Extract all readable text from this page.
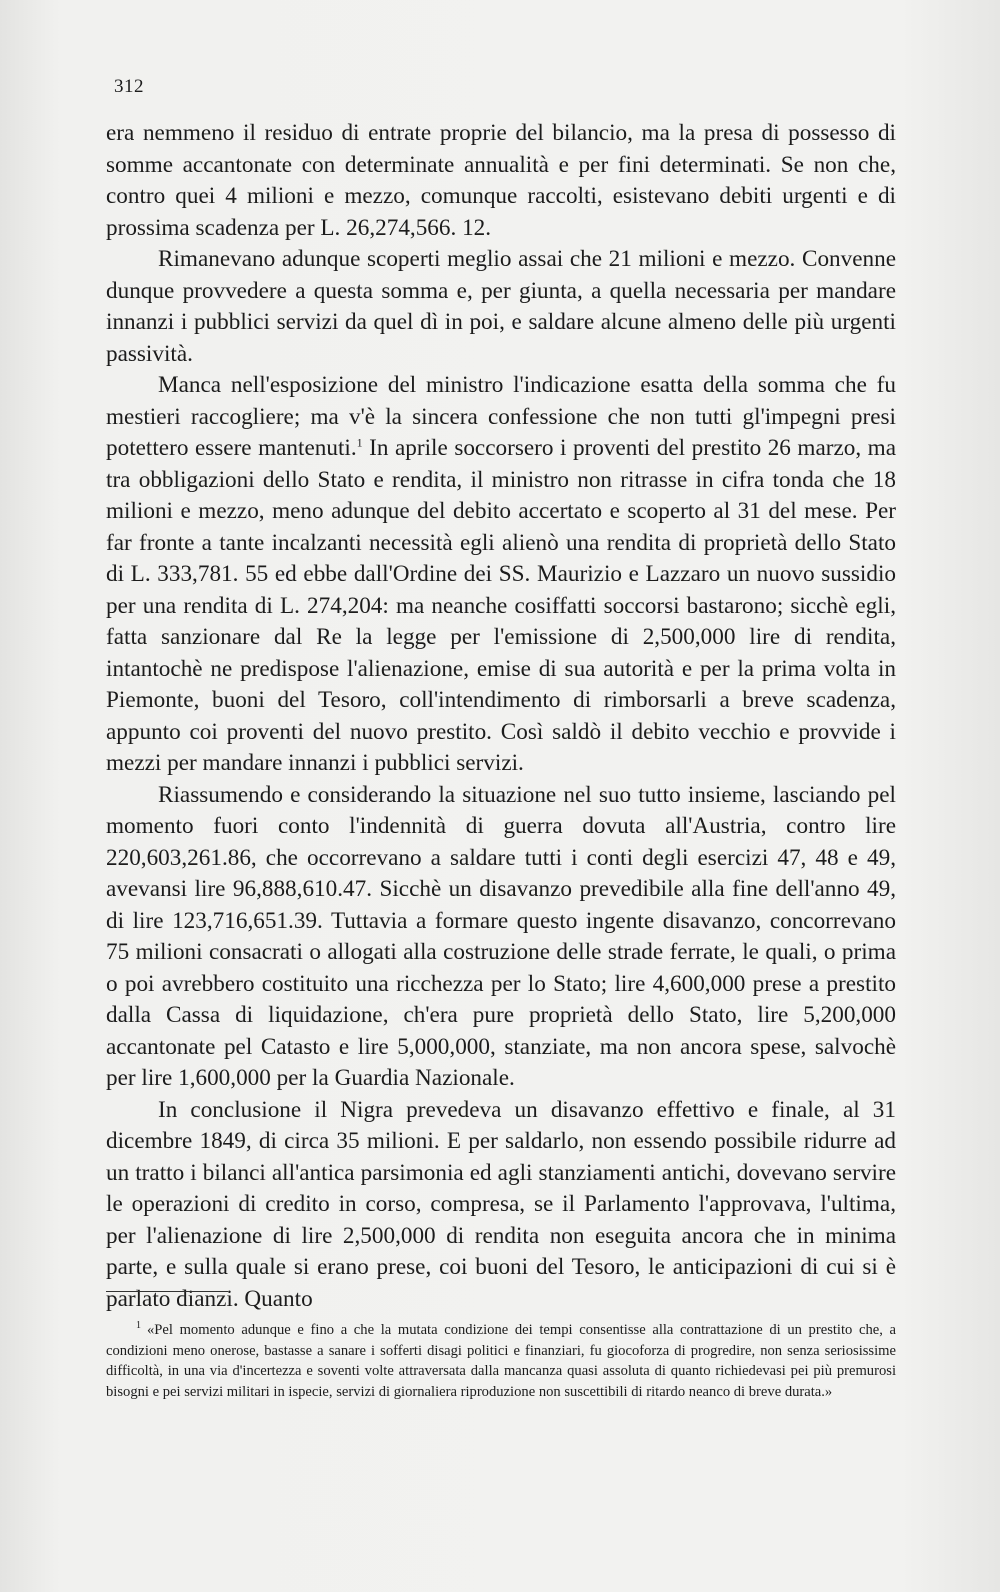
312

era nemmeno il residuo di entrate proprie del bilancio, ma la presa di possesso di somme accantonate con determinate annualità e per fini determinati. Se non che, contro quei 4 milioni e mezzo, comunque raccolti, esistevano debiti urgenti e di prossima scadenza per L. 26,274,566. 12.

Rimanevano adunque scoperti meglio assai che 21 milioni e mezzo. Convenne dunque provvedere a questa somma e, per giunta, a quella necessaria per mandare innanzi i pubblici servizi da quel dì in poi, e saldare alcune almeno delle più urgenti passività.

Manca nell'esposizione del ministro l'indicazione esatta della somma che fu mestieri raccogliere; ma v'è la sincera confessione che non tutti gl'impegni presi potettero essere mantenuti.$^1$ In aprile soccorsero i proventi del prestito 26 marzo, ma tra obbligazioni dello Stato e rendita, il ministro non ritrasse in cifra tonda che 18 milioni e mezzo, meno adunque del debito accertato e scoperto al 31 del mese. Per far fronte a tante incalzanti necessità egli alienò una rendita di proprietà dello Stato di L. 333,781. 55 ed ebbe dall'Ordine dei SS. Maurizio e Lazzaro un nuovo sussidio per una rendita di L. 274,204: ma neanche cosiffatti soccorsi bastarono; sicchè egli, fatta sanzionare dal Re la legge per l'emissione di 2,500,000 lire di rendita, intantochè ne predispose l'alienazione, emise di sua autorità e per la prima volta in Piemonte, buoni del Tesoro, coll'intendimento di rimborsarli a breve scadenza, appunto coi proventi del nuovo prestito. Così saldò il debito vecchio e provvide i mezzi per mandare innanzi i pubblici servizi.

Riassumendo e considerando la situazione nel suo tutto insieme, lasciando pel momento fuori conto l'indennità di guerra dovuta all'Austria, contro lire 220,603,261.86, che occorrevano a saldare tutti i conti degli esercizi 47, 48 e 49, avevansi lire 96,888,610.47. Sicchè un disavanzo prevedibile alla fine dell'anno 49, di lire 123,716,651.39. Tuttavia a formare questo ingente disavanzo, concorrevano 75 milioni consacrati o allogati alla costruzione delle strade ferrate, le quali, o prima o poi avrebbero costituito una ricchezza per lo Stato; lire 4,600,000 prese a prestito dalla Cassa di liquidazione, ch'era pure proprietà dello Stato, lire 5,200,000 accantonate pel Catasto e lire 5,000,000, stanziate, ma non ancora spese, salvochè per lire 1,600,000 per la Guardia Nazionale.

In conclusione il Nigra prevedeva un disavanzo effettivo e finale, al 31 dicembre 1849, di circa 35 milioni. E per saldarlo, non essendo possibile ridurre ad un tratto i bilanci all'antica parsimonia ed agli stanziamenti antichi, dovevano servire le operazioni di credito in corso, compresa, se il Parlamento l'approvava, l'ultima, per l'alienazione di lire 2,500,000 di rendita non eseguita ancora che in minima parte, e sulla quale si erano prese, coi buoni del Tesoro, le anticipazioni di cui si è parlato dianzi. Quanto

$^1$ «Pel momento adunque e fino a che la mutata condizione dei tempi consentisse alla contrattazione di un prestito che, a condizioni meno onerose, bastasse a sanare i sofferti disagi politici e finanziari, fu giocoforza di progredire, non senza seriosissime difficoltà, in una via d'incertezza e soventi volte attraversata dalla mancanza quasi assoluta di quanto richiedevasi pei più premurosi bisogni e pei servizi militari in ispecie, servizi di giornaliera riproduzione non suscettibili di ritardo neanco di breve durata.»
